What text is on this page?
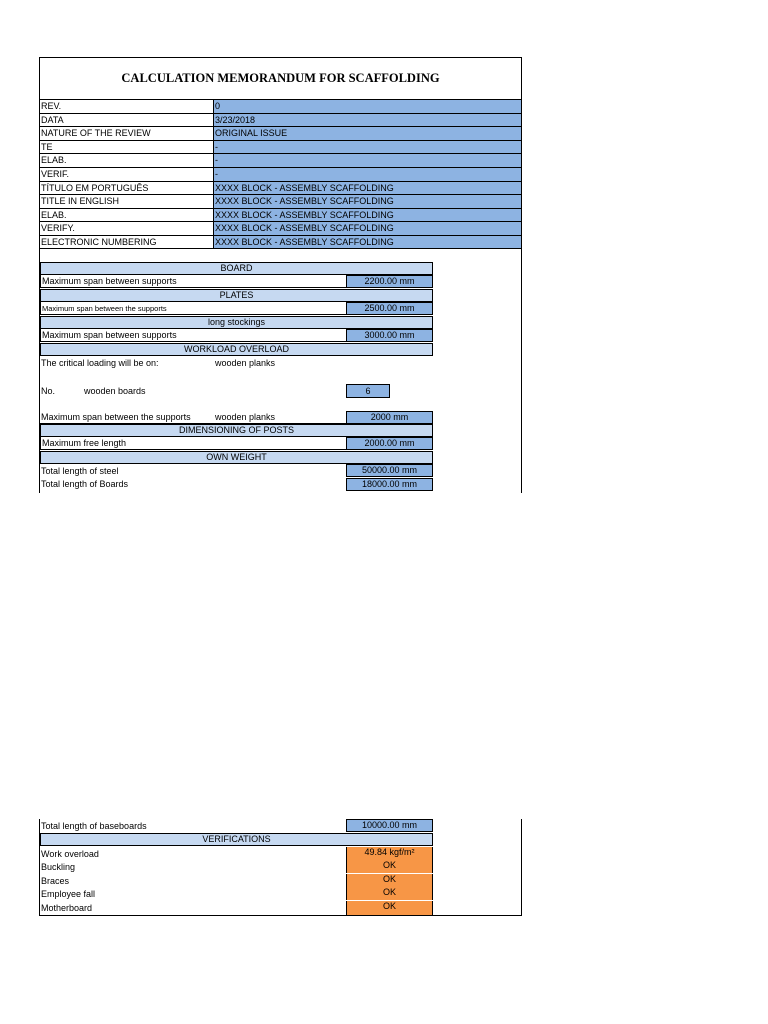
CALCULATION MEMORANDUM FOR SCAFFOLDING
REV.	0
DATA	3/23/2018
NATURE OF THE REVIEW	ORIGINAL ISSUE
TE	-
ELAB.	-
VERIF.	-
TÍTULO EM PORTUGUÊS	XXXX BLOCK - ASSEMBLY SCAFFOLDING
TITLE IN ENGLISH	XXXX BLOCK - ASSEMBLY SCAFFOLDING
ELAB.	XXXX BLOCK - ASSEMBLY SCAFFOLDING
VERIFY.	XXXX BLOCK - ASSEMBLY SCAFFOLDING
ELECTRONIC NUMBERING	XXXX BLOCK - ASSEMBLY SCAFFOLDING
BOARD
Maximum span between supports	2200.00 mm
PLATES
Maximum span between the supports	2500.00 mm
long stockings
Maximum span between supports	3000.00 mm
WORKLOAD OVERLOAD
The critical loading will be on:	wooden planks
No.	wooden boards	6
Maximum span between the supports	wooden planks	2000 mm
DIMENSIONING OF POSTS
Maximum free length	2000.00 mm
OWN WEIGHT
Total length of steel	50000.00 mm
Total length of Boards	18000.00 mm
Total length of baseboards	10000.00 mm
VERIFICATIONS
Work overload	49.84 kgf/m²
Buckling	OK
Braces	OK
Employee fall	OK
Motherboard	OK
